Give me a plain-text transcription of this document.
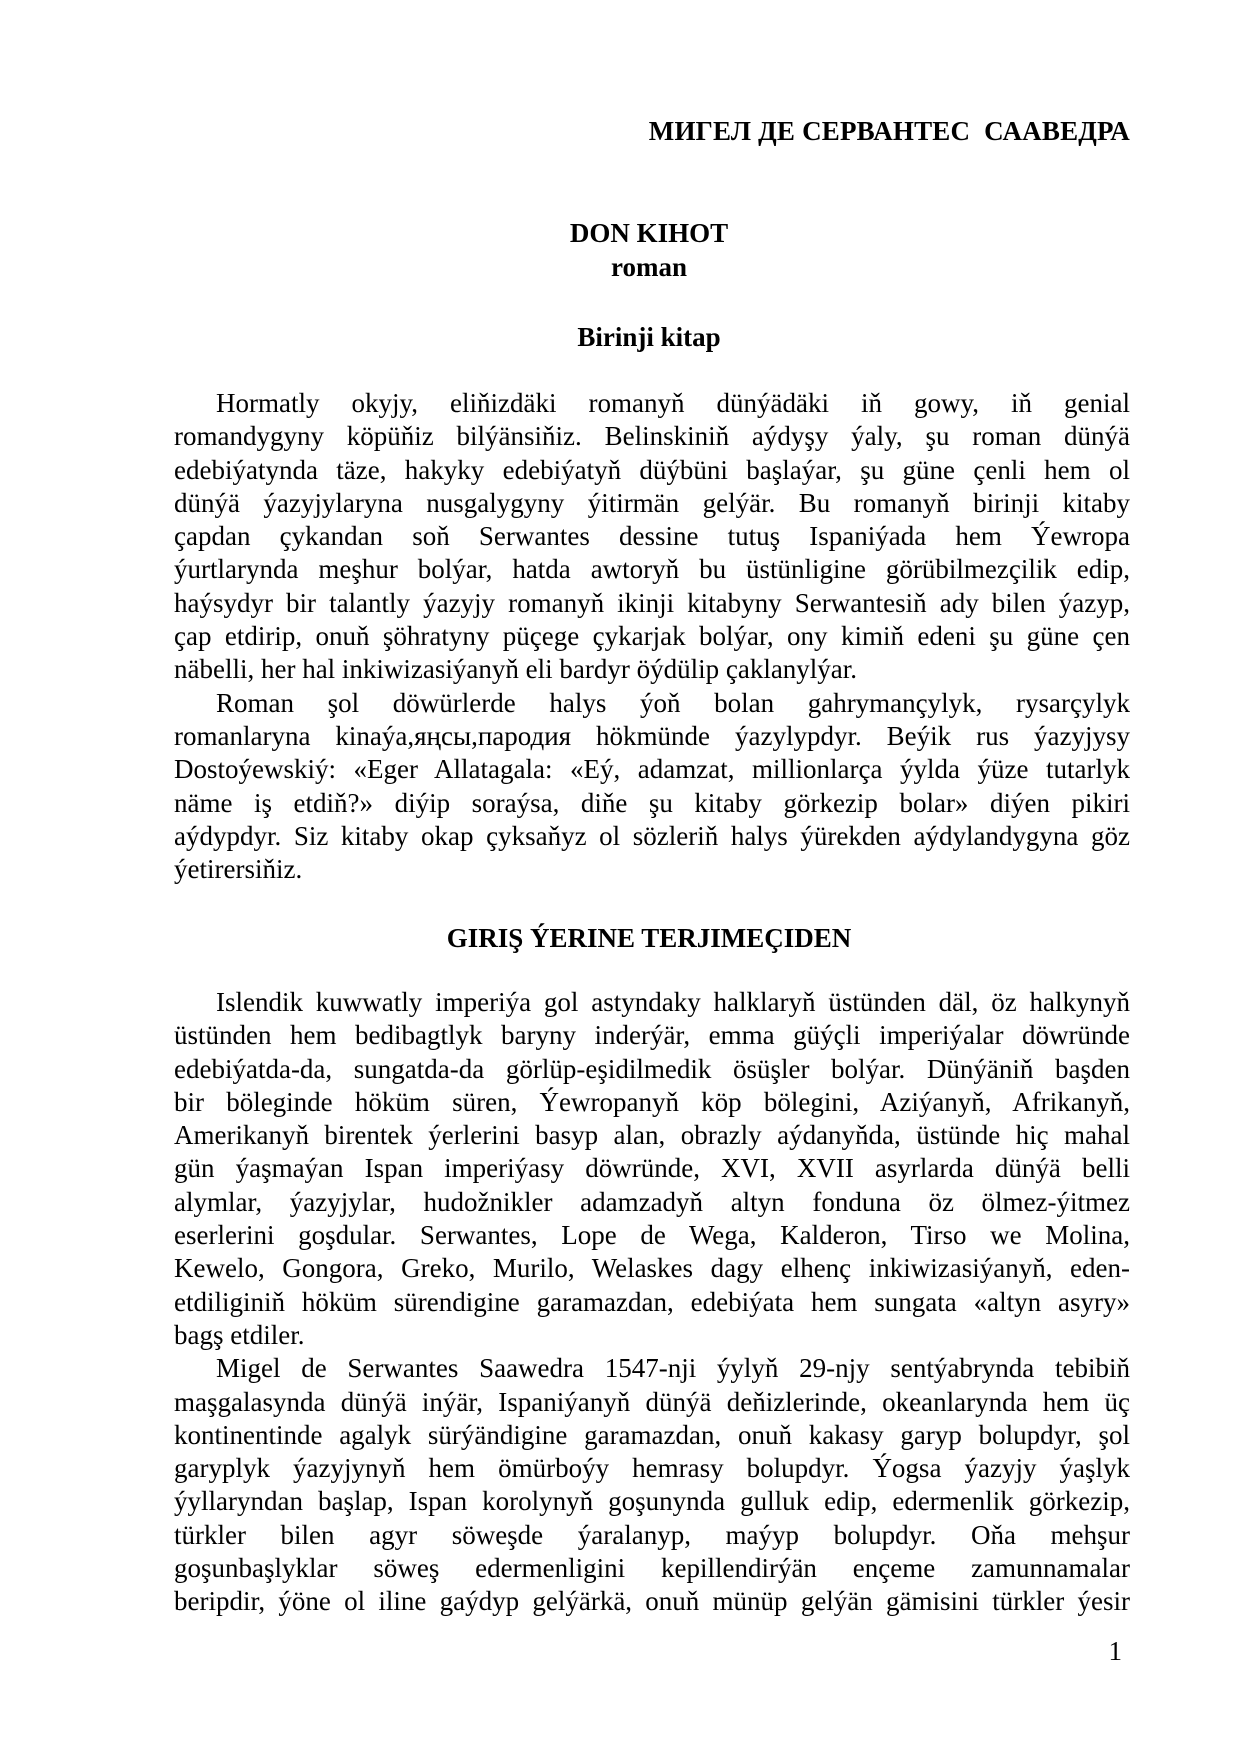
МИГЕЛ ДЕ СЕРВАНТЕС  СААВЕДРА
DON KIHOT
roman
Birinji kitap
Hormatly okyjy, eliňizdäki romanyň dünýädäki iň gowy, iň genial
romandygyny köpüňiz bilýänsiňiz. Belinskiniň aýdyşy ýaly, şu roman dünýä
edebiýatynda täze, hakyky edebiýatyň düýbüni başlaýar, şu güne çenli hem ol
dünýä ýazyjylaryna nusgalygyny ýitirmän gelýär. Bu romanyň birinji kitaby
çapdan çykandan soň Serwantes dessine tutuş Ispaniýada hem Ýewropa
ýurtlarynda meşhur bolýar, hatda awtoryň bu üstünligine görübilmezçilik edip,
haýsydyr bir talantly ýazyjy romanyň ikinji kitabyny Serwantesiň ady bilen ýazyp,
çap etdirip, onuň şöhratyny püçege çykarjak bolýar, ony kimiň edeni şu güne çen
näbelli, her hal inkiwizasiýanyň eli bardyr öýdülip çaklanylýar.
Roman şol döwürlerde halys ýoň bolan gahrymançylyk, rysarçylyk
romanlaryna kinaýa,яңсы,пародия hökmünde ýazylypdyr. Beýik rus ýazyjysy
Dostoýewskiý: «Eger Allatagala: «Eý, adamzat, millionlarça ýylda ýüze tutarlyk
näme iş etdiň?» diýip soraýsa, diňe şu kitaby görkezip bolar» diýen pikiri
aýdypdyr. Siz kitaby okap çyksaňyz ol sözleriň halys ýürekden aýdylandygyna göz
ýetirersiňiz.
GIRIŞ ÝERINE TERJIMEÇIDEN
Islendik kuwwatly imperiýa gol astyndaky halklaryň üstünden däl, öz halkynyň
üstünden hem bedibagtlyk baryny inderýär, emma güýçli imperiýalar döwründe
edebiýatda-da, sungatda-da görlüp-eşidilmedik ösüşler bolýar. Dünýäniň başden
bir böleginde höküm süren, Ýewropanyň köp bölegini, Aziýanyň, Afrikanyň,
Amerikanyň birentek ýerlerini basyp alan, obrazly aýdanyňda, üstünde hiç mahal
gün ýaşmaýan Ispan imperiýasy döwründe, XVI, XVII asyrlarda dünýä belli
alymlar, ýazyjylar, hudožnikler adamzadyň altyn fonduna öz ölmez-ýitmez
eserlerini goşdular. Serwantes, Lope de Wega, Kalderon, Tirso we Molina,
Kewelo, Gongora, Greko, Murilo, Welaskes dagy elhenç inkiwizasiýanyň, eden-
etdiliginiň höküm sürendigine garamazdan, edebiýata hem sungata «altyn asyry»
bagş etdiler.
Migel de Serwantes Saawedra 1547-nji ýylyň 29-njy sentýabrynda tebibiň
maşgalasynda dünýä inýär, Ispaniýanyň dünýä deňizlerinde, okeanlarynda hem üç
kontinentinde agalyk sürýändigine garamazdan, onuň kakasy garyp bolupdyr, şol
garyplyk ýazyjynyň hem ömürboýy hemrasy bolupdyr. Ýogsa ýazyjy ýaşlyk
ýyllaryndan başlap, Ispan korolynyň goşunynda gulluk edip, edermenlik görkezip,
türkler bilen agyr söweşde ýaralanyp, maýyp bolupdyr. Oňa mehşur
goşunbaşlyklar söweş edermenligini kepillendirýän ençeme zamunnamalar
beripdir, ýöne ol iline gaýdyp gelýärkä, onuň münüp gelýän gämisini türkler ýesir
1
